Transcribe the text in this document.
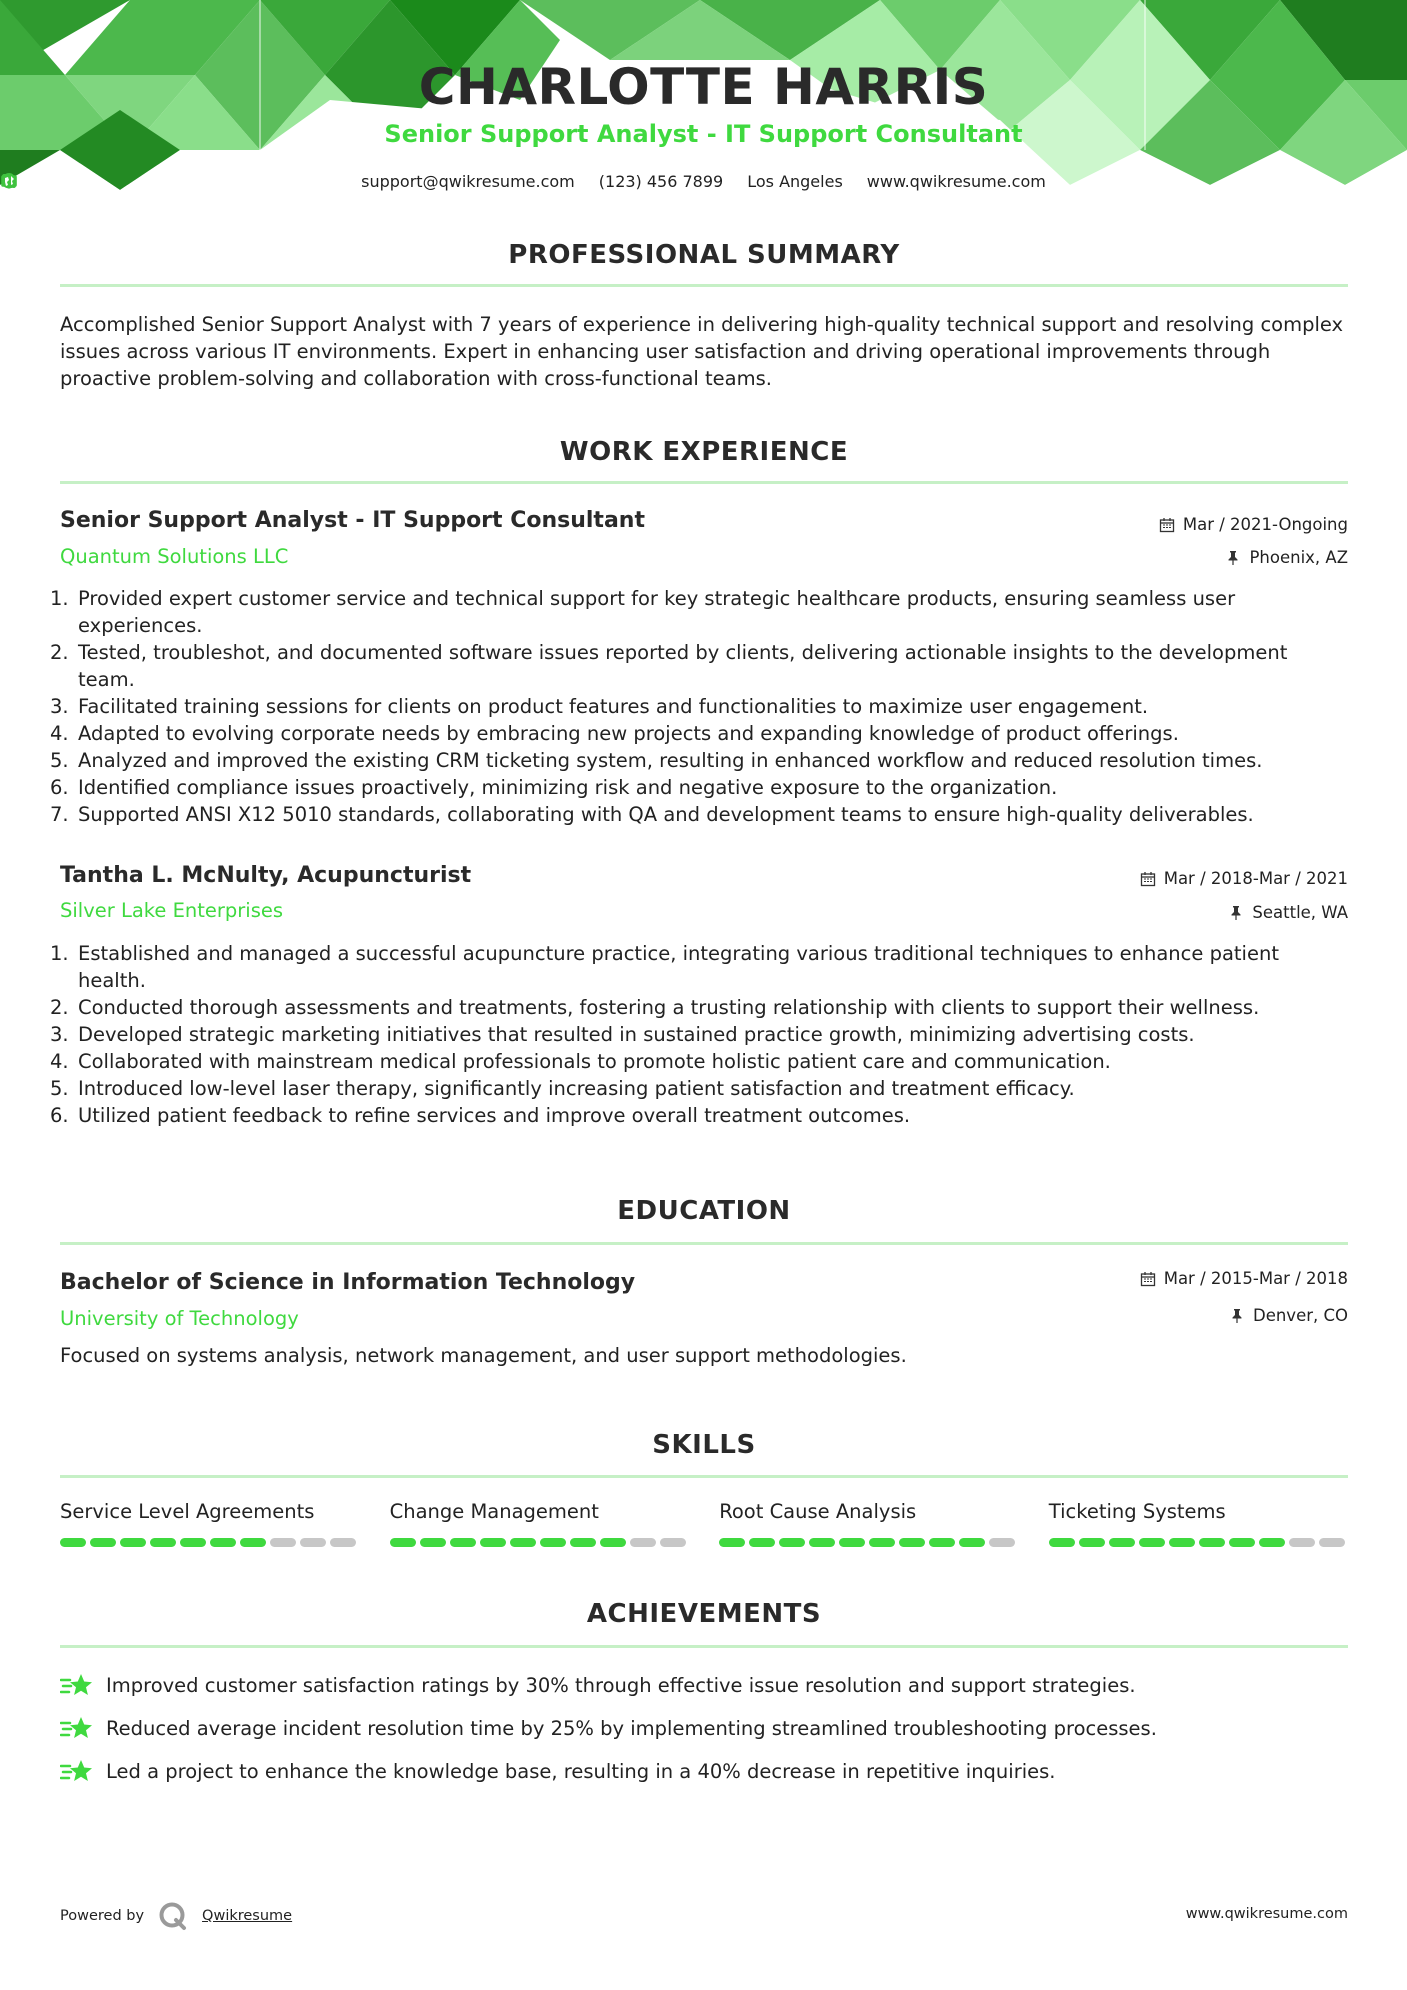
CHARLOTTE HARRIS
Senior Support Analyst - IT Support Consultant
support@qwikresume.com (123) 456 7899 Los Angeles www.qwikresume.com
PROFESSIONAL SUMMARY
Accomplished Senior Support Analyst with 7 years of experience in delivering high-quality technical support and resolving complex issues across various IT environments. Expert in enhancing user satisfaction and driving operational improvements through proactive problem-solving and collaboration with cross-functional teams.
WORK EXPERIENCE
Senior Support Analyst - IT Support Consultant	Mar / 2021-Ongoing
Quantum Solutions LLC	Phoenix, AZ
1. Provided expert customer service and technical support for key strategic healthcare products, ensuring seamless user experiences.
2. Tested, troubleshot, and documented software issues reported by clients, delivering actionable insights to the development team.
3. Facilitated training sessions for clients on product features and functionalities to maximize user engagement.
4. Adapted to evolving corporate needs by embracing new projects and expanding knowledge of product offerings.
5. Analyzed and improved the existing CRM ticketing system, resulting in enhanced workflow and reduced resolution times.
6. Identified compliance issues proactively, minimizing risk and negative exposure to the organization.
7. Supported ANSI X12 5010 standards, collaborating with QA and development teams to ensure high-quality deliverables.
Tantha L. McNulty, Acupuncturist	Mar / 2018-Mar / 2021
Silver Lake Enterprises	Seattle, WA
1. Established and managed a successful acupuncture practice, integrating various traditional techniques to enhance patient health.
2. Conducted thorough assessments and treatments, fostering a trusting relationship with clients to support their wellness.
3. Developed strategic marketing initiatives that resulted in sustained practice growth, minimizing advertising costs.
4. Collaborated with mainstream medical professionals to promote holistic patient care and communication.
5. Introduced low-level laser therapy, significantly increasing patient satisfaction and treatment efficacy.
6. Utilized patient feedback to refine services and improve overall treatment outcomes.
EDUCATION
Bachelor of Science in Information Technology	Mar / 2015-Mar / 2018
University of Technology	Denver, CO
Focused on systems analysis, network management, and user support methodologies.
SKILLS
Service Level Agreements	Change Management	Root Cause Analysis	Ticketing Systems
ACHIEVEMENTS
Improved customer satisfaction ratings by 30% through effective issue resolution and support strategies.
Reduced average incident resolution time by 25% by implementing streamlined troubleshooting processes.
Led a project to enhance the knowledge base, resulting in a 40% decrease in repetitive inquiries.
Powered by	Qwikresume	www.qwikresume.com
